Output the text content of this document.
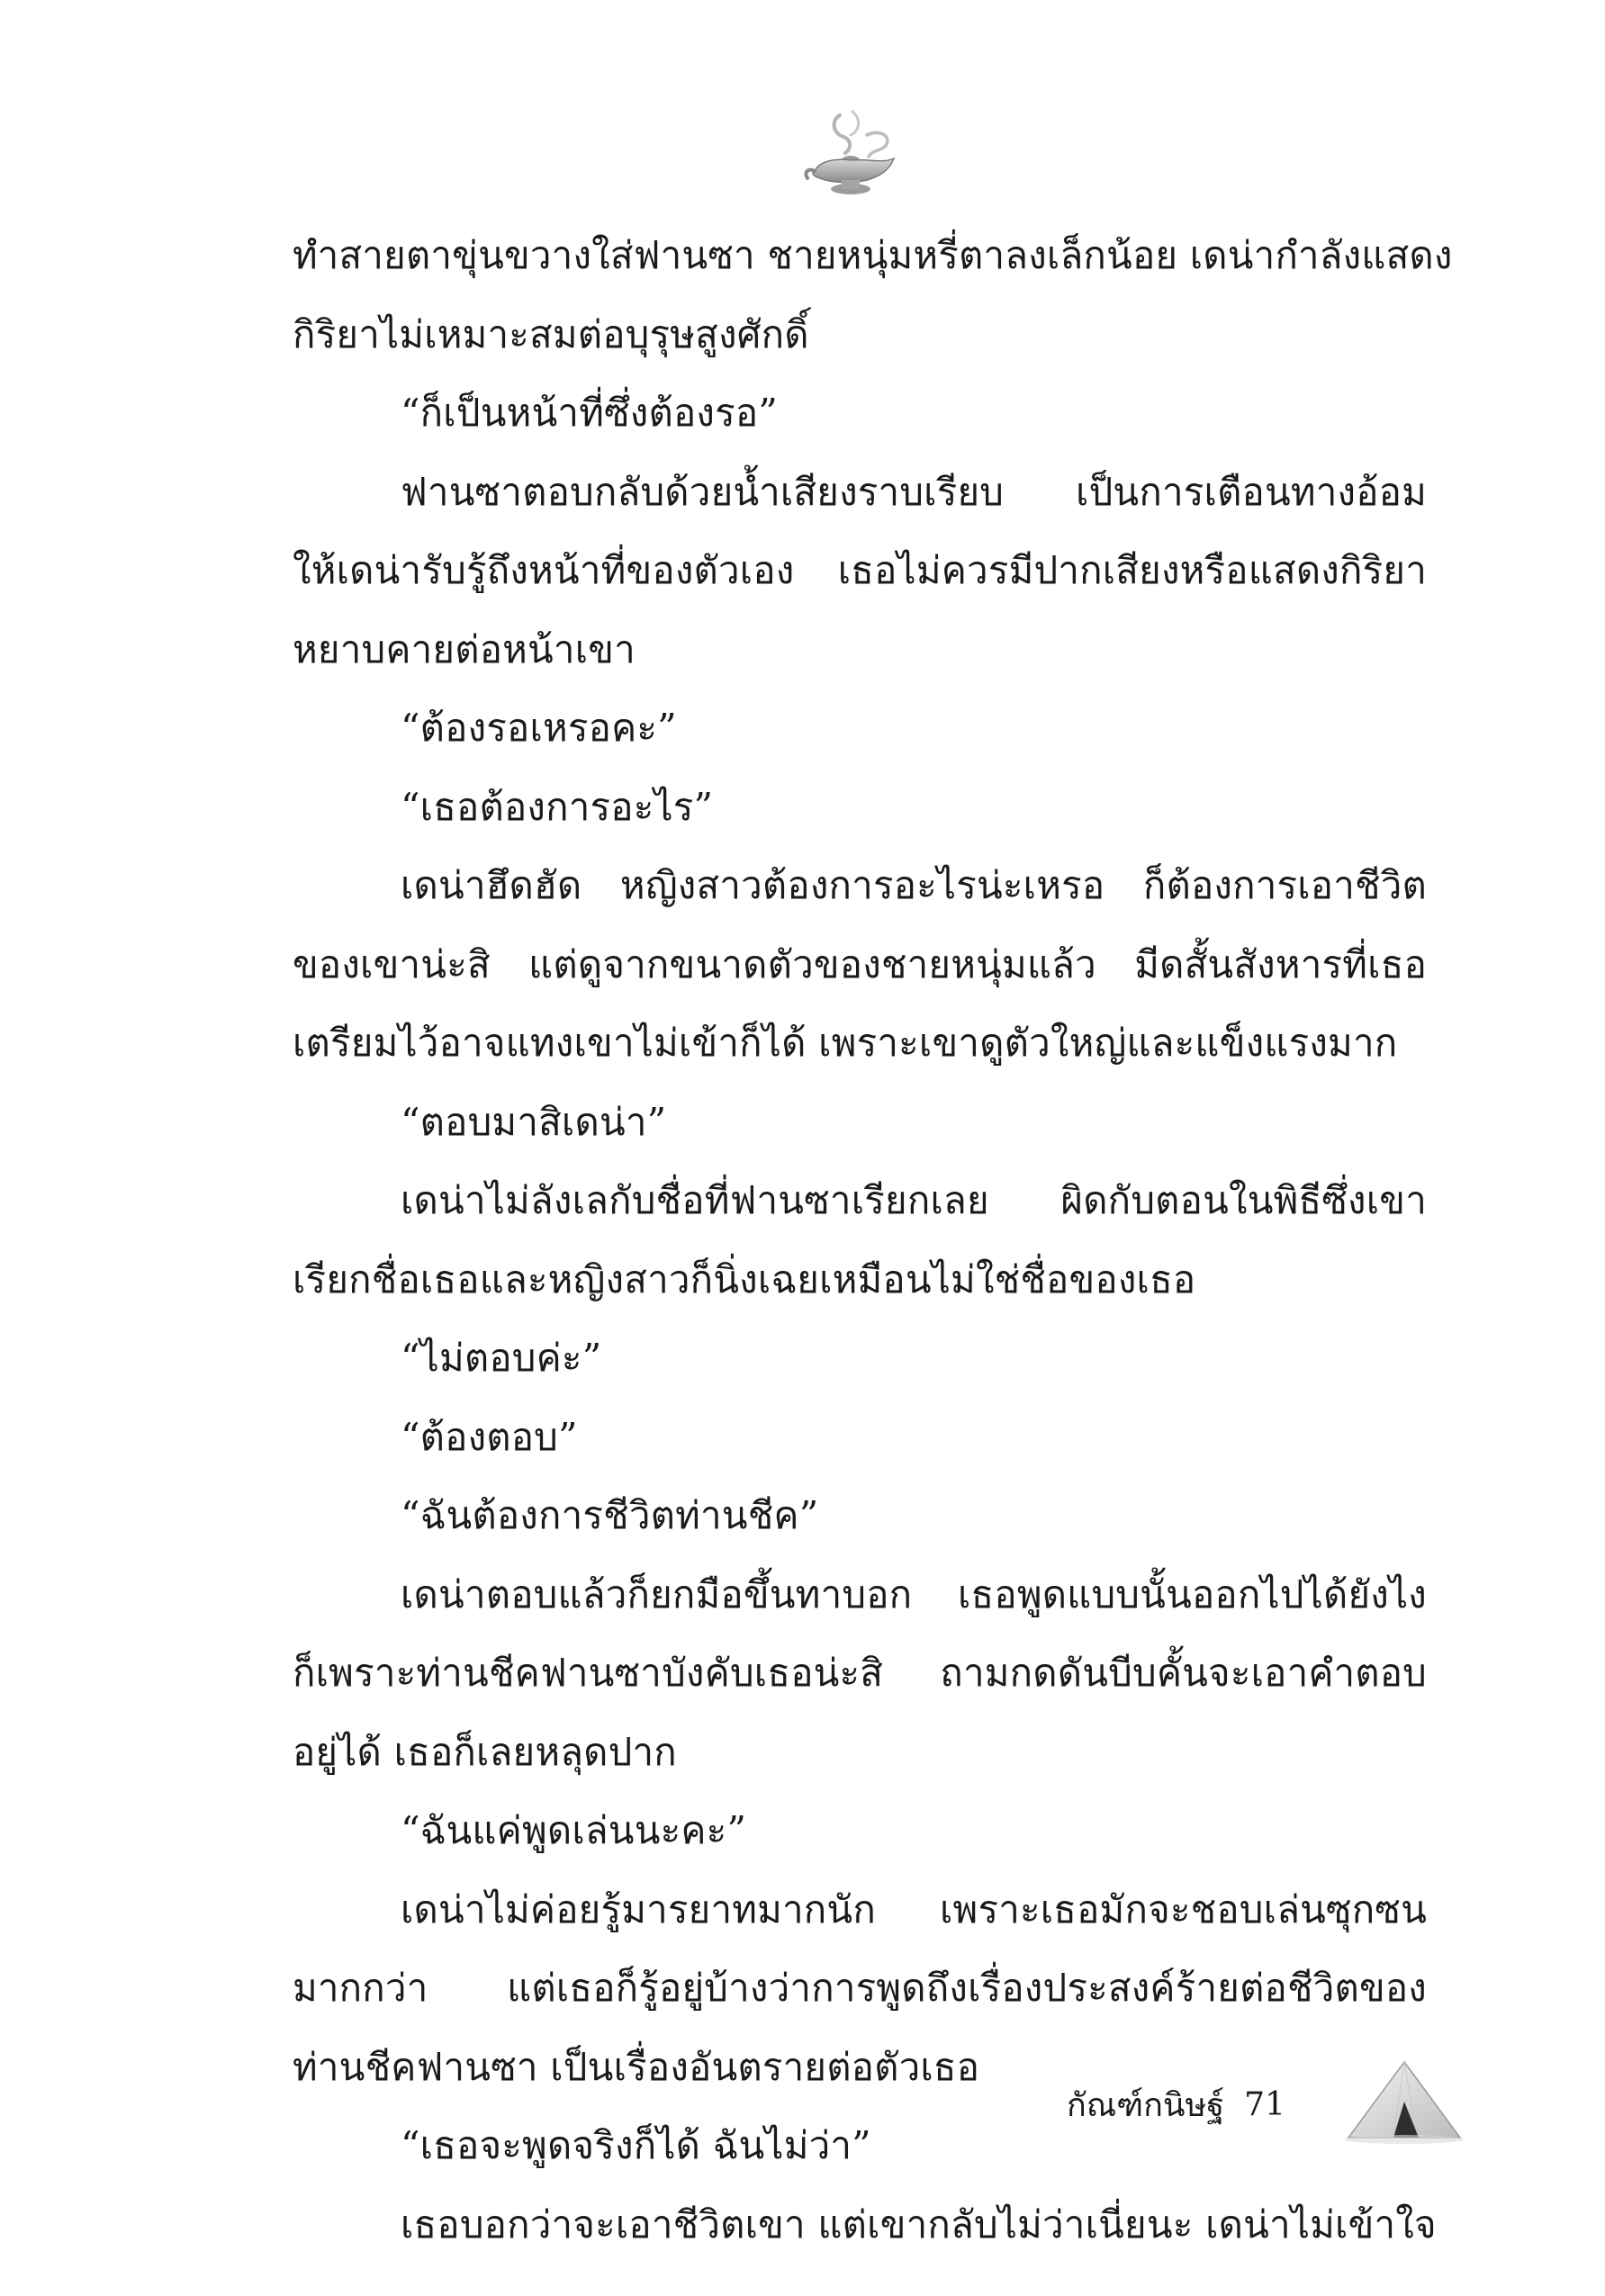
ทำสายตาขุ่นขวางใส่ฟานซา ชายหนุ่มหรี่ตาลงเล็กน้อย เดน่ากำลังแสดง
กิริยาไม่เหมาะสมต่อบุรุษสูงศักดิ์
“ก็เป็นหน้าที่ซึ่งต้องรอ”
ฟานซาตอบกลับด้วยน้ำเสียงราบเรียบ เป็นการเตือนทางอ้อม
ให้เดน่ารับรู้ถึงหน้าที่ของตัวเอง เธอไม่ควรมีปากเสียงหรือแสดงกิริยา
หยาบคายต่อหน้าเขา
“ต้องรอเหรอคะ”
“เธอต้องการอะไร”
เดน่าฮึดฮัด หญิงสาวต้องการอะไรน่ะเหรอ ก็ต้องการเอาชีวิต
ของเขาน่ะสิ แต่ดูจากขนาดตัวของชายหนุ่มแล้ว มีดสั้นสังหารที่เธอ
เตรียมไว้อาจแทงเขาไม่เข้าก็ได้ เพราะเขาดูตัวใหญ่และแข็งแรงมาก
“ตอบมาสิเดน่า”
เดน่าไม่ลังเลกับชื่อที่ฟานซาเรียกเลย ผิดกับตอนในพิธีซึ่งเขา
เรียกชื่อเธอและหญิงสาวก็นิ่งเฉยเหมือนไม่ใช่ชื่อของเธอ
“ไม่ตอบค่ะ”
“ต้องตอบ”
“ฉันต้องการชีวิตท่านชีค”
เดน่าตอบแล้วก็ยกมือขึ้นทาบอก เธอพูดแบบนั้นออกไปได้ยังไง
ก็เพราะท่านชีคฟานซาบังคับเธอน่ะสิ ถามกดดันบีบคั้นจะเอาคำตอบ
อยู่ได้ เธอก็เลยหลุดปาก
“ฉันแค่พูดเล่นนะคะ”
เดน่าไม่ค่อยรู้มารยาทมากนัก เพราะเธอมักจะชอบเล่นซุกซน
มากกว่า แต่เธอก็รู้อยู่บ้างว่าการพูดถึงเรื่องประสงค์ร้ายต่อชีวิตของ
ท่านชีคฟานซา เป็นเรื่องอันตรายต่อตัวเธอ
“เธอจะพูดจริงก็ได้ ฉันไม่ว่า”
เธอบอกว่าจะเอาชีวิตเขา แต่เขากลับไม่ว่าเนี่ยนะ เดน่าไม่เข้าใจ
กัณฑ์กนิษฐ์ 71
